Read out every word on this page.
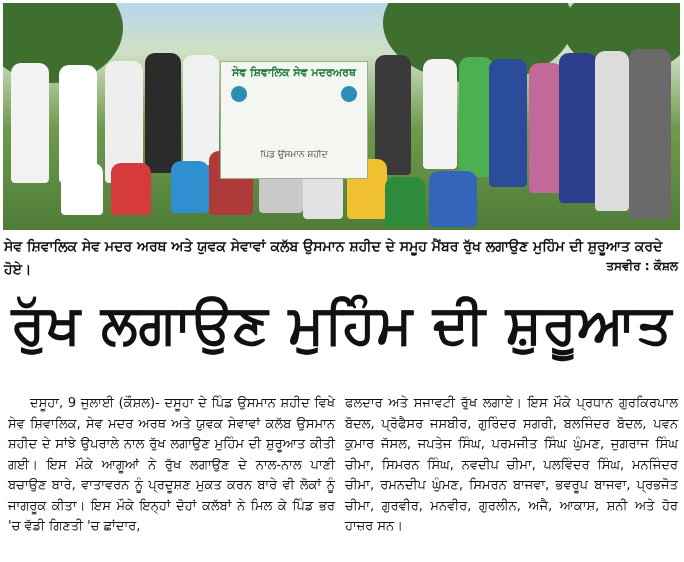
ਸੇਵ ਸ਼ਿਵਾਲਿਕ ਸੇਵ ਮਦਰਅਰਥ
ਪਿੰਡ ਉਸਮਾਨ ਸ਼ਹੀਦ
ਸੇਵ ਸ਼ਿਵਾਲਿਕ ਸੇਵ ਮਦਰ ਅਰਥ ਅਤੇ ਯੁਵਕ ਸੇਵਾਵਾਂ ਕਲੱਬ ਉਸਮਾਨ ਸ਼ਹੀਦ ਦੇ ਸਮੂਹ ਮੈਂਬਰ ਰੁੱਖ ਲਗਾਉਣ ਮੁਹਿੰਮ ਦੀ ਸ਼ੁਰੂਆਤ ਕਰਦੇ ਹੋਏ।	ਤਸਵੀਰ : ਕੌਸ਼ਲ
ਰੁੱਖ ਲਗਾਉਣ ਮੁਹਿੰਮ ਦੀ ਸ਼ੁਰੂਆਤ

ਦਸੂਹਾ, 9 ਜੁਲਾਈ (ਕੌਸ਼ਲ)- ਦਸੂਹਾ ਦੇ ਪਿੰਡ ਉਸਮਾਨ ਸ਼ਹੀਦ ਵਿਖੇ ਸੇਵ ਸ਼ਿਵਾਲਿਕ, ਸੇਵ ਮਦਰ ਅਰਥ ਅਤੇ ਯੁਵਕ ਸੇਵਾਵਾਂ ਕਲੱਬ ਉਸਮਾਨ ਸ਼ਹੀਦ ਦੇ ਸਾਂਝੇ ਉਪਰਾਲੇ ਨਾਲ ਰੁੱਖ ਲਗਾਉਣ ਮੁਹਿੰਮ ਦੀ ਸ਼ੁਰੂਆਤ ਕੀਤੀ ਗਈ। ਇਸ ਮੌਕੇ ਆਗੂਆਂ ਨੇ ਰੁੱਖ ਲਗਾਉਣ ਦੇ ਨਾਲ-ਨਾਲ ਪਾਣੀ ਬਚਾਉਣ ਬਾਰੇ, ਵਾਤਾਵਰਨ ਨੂੰ ਪ੍ਰਦੂਸ਼ਣ ਮੁਕਤ ਕਰਨ ਬਾਰੇ ਵੀ ਲੋਕਾਂ ਨੂੰ ਜਾਗਰੂਕ ਕੀਤਾ। ਇਸ ਮੌਕੇ ਇਨ੍ਹਾਂ ਦੋਹਾਂ ਕਲੱਬਾਂ ਨੇ ਮਿਲ ਕੇ ਪਿੰਡ ਭਰ 'ਚ ਵੱਡੀ ਗਿਣਤੀ 'ਚ ਛਾਂਦਾਰ,

ਫਲਦਾਰ ਅਤੇ ਸਜਾਵਟੀ ਰੁੱਖ ਲਗਾਏ। ਇਸ ਮੌਕੇ ਪ੍ਰਧਾਨ ਗੁਰਕਿਰਪਾਲ ਬੋਦਲ, ਪ੍ਰੋਫੈਸਰ ਜਸਬੀਰ, ਗੁਰਿੰਦਰ ਸਗਰੀ, ਬਲਜਿੰਦਰ ਬੋਦਲ, ਪਵਨ ਕੁਮਾਰ ਜੱਸਲ, ਜਪਤੇਜ ਸਿੰਘ, ਪਰਮਜੀਤ ਸਿੰਘ ਘੁੰਮਣ, ਜੁਗਰਾਜ ਸਿੰਘ ਚੀਮਾ, ਸਿਮਰਨ ਸਿੰਘ, ਨਵਦੀਪ ਚੀਮਾ, ਪਲਵਿੰਦਰ ਸਿੰਘ, ਮਨਜਿੰਦਰ ਚੀਮਾ, ਰਮਨਦੀਪ ਘੁੰਮਣ, ਸਿਮਰਨ ਬਾਜਵਾ, ਭਵਰੂਪ ਬਾਜਵਾ, ਪ੍ਰਭਜੋਤ ਚੀਮਾ, ਗੁਰਵੀਰ, ਮਨਵੀਰ, ਗੁਰਲੀਨ, ਅਜੈ, ਆਕਾਸ਼, ਸ਼ਨੀ ਅਤੇ ਹੋਰ ਹਾਜ਼ਰ ਸਨ।
